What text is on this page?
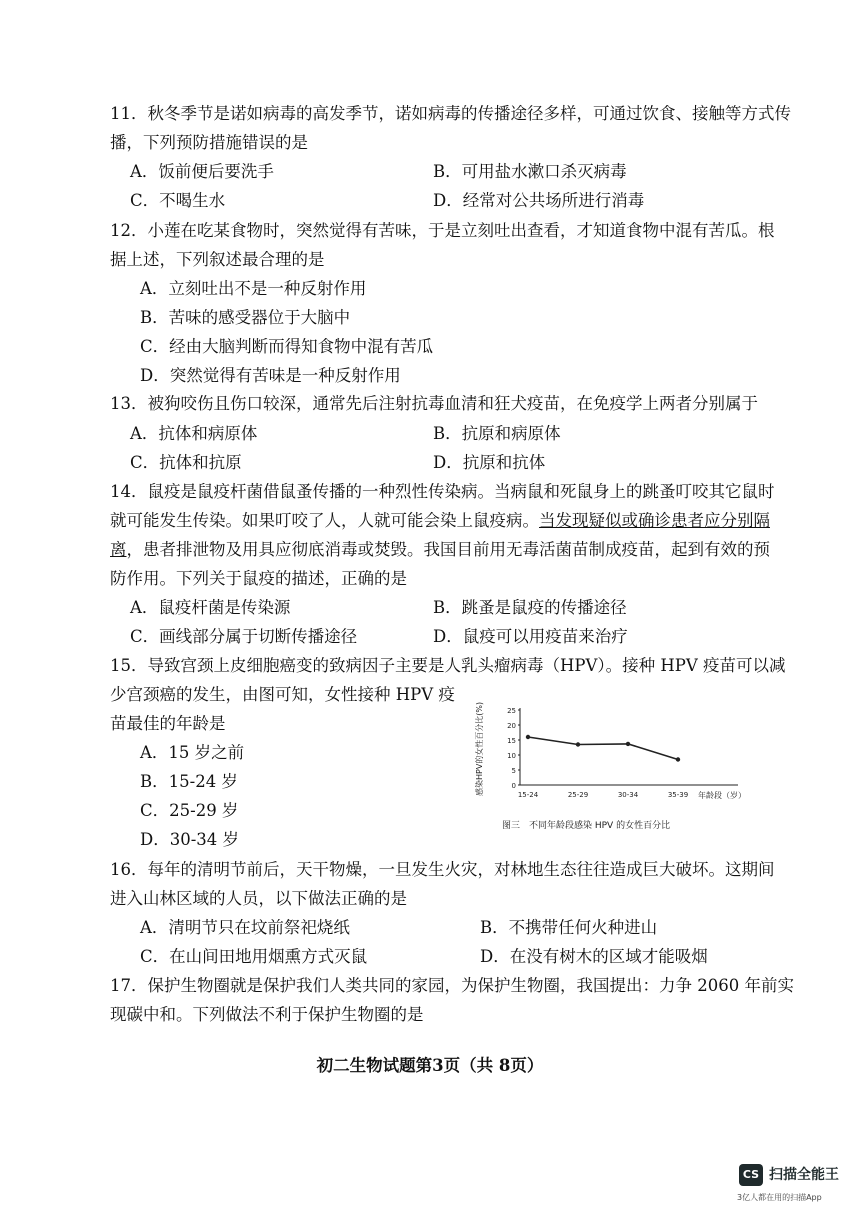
11．秋冬季节是诺如病毒的高发季节，诺如病毒的传播途径多样，可通过饮食、接触等方式传
播，下列预防措施错误的是
A．饭前便后要洗手	B．可用盐水漱口杀灭病毒
C．不喝生水	D．经常对公共场所进行消毒
12．小莲在吃某食物时，突然觉得有苦味，于是立刻吐出查看，才知道食物中混有苦瓜。根
据上述，下列叙述最合理的是
A．立刻吐出不是一种反射作用
B．苦味的感受器位于大脑中
C．经由大脑判断而得知食物中混有苦瓜
D．突然觉得有苦味是一种反射作用
13．被狗咬伤且伤口较深，通常先后注射抗毒血清和狂犬疫苗，在免疫学上两者分别属于
A．抗体和病原体	B．抗原和病原体
C．抗体和抗原	D．抗原和抗体
14．鼠疫是鼠疫杆菌借鼠蚤传播的一种烈性传染病。当病鼠和死鼠身上的跳蚤叮咬其它鼠时
就可能发生传染。如果叮咬了人，人就可能会染上鼠疫病。当发现疑似或确诊患者应分别隔
离，患者排泄物及用具应彻底消毒或焚毁。我国目前用无毒活菌苗制成疫苗，起到有效的预
防作用。下列关于鼠疫的描述，正确的是
A．鼠疫杆菌是传染源	B．跳蚤是鼠疫的传播途径
C．画线部分属于切断传播途径	D．鼠疫可以用疫苗来治疗
15．导致宫颈上皮细胞癌变的致病因子主要是人乳头瘤病毒（HPV）。接种 HPV 疫苗可以减
少宫颈癌的发生，由图可知，女性接种 HPV 疫
苗最佳的年龄是
A．15 岁之前
B．15-24 岁
C．25-29 岁
D．30-34 岁
感染HPV的女性百分比(%)	25
20
15
10
5
0
15-24	25-29	30-34	35-39 年龄段（岁）
图三　不同年龄段感染 HPV 的女性百分比
16．每年的清明节前后，天干物燥，一旦发生火灾，对林地生态往往造成巨大破坏。这期间
进入山林区域的人员，以下做法正确的是
A．清明节只在坟前祭祀烧纸	B．不携带任何火种进山
C．在山间田地用烟熏方式灭鼠	D．在没有树木的区域才能吸烟
17．保护生物圈就是保护我们人类共同的家园，为保护生物圈，我国提出：力争 2060 年前实
现碳中和。下列做法不利于保护生物圈的是
初二生物试题第3页（共 8页）
CS 扫描全能王
3亿人都在用的扫描App
